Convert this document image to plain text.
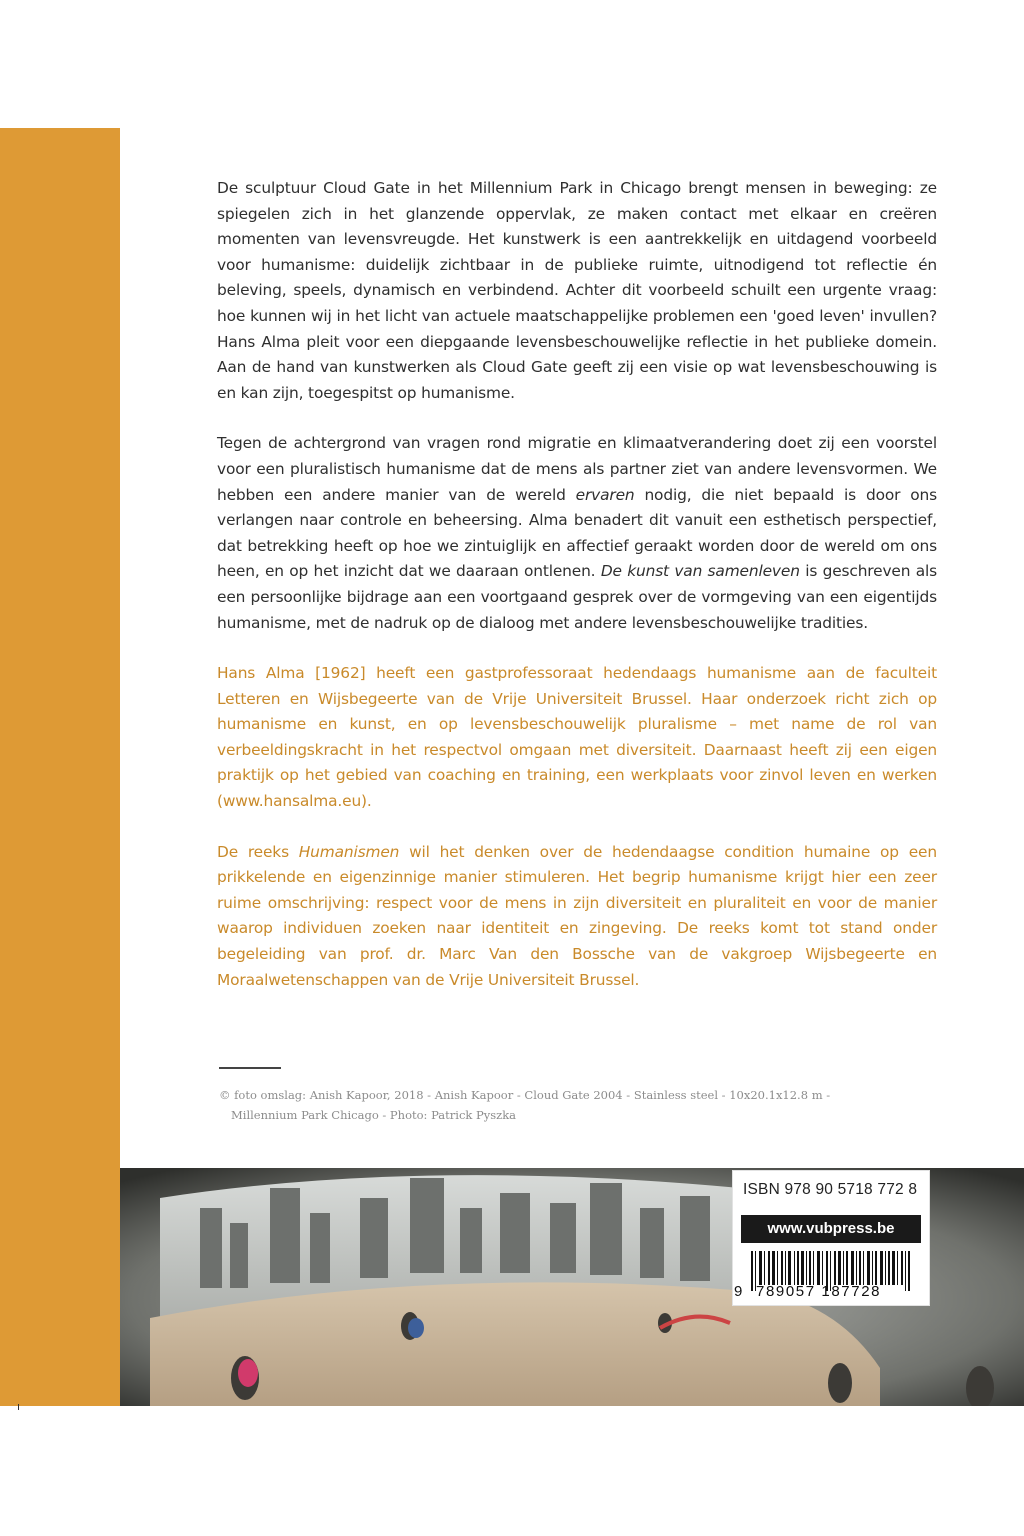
De sculptuur Cloud Gate in het Millennium Park in Chicago brengt mensen in beweging: ze spiegelen zich in het glanzende oppervlak, ze maken contact met elkaar en creëren momenten van levensvreugde. Het kunstwerk is een aantrekkelijk en uitdagend voorbeeld voor humanisme: duidelijk zichtbaar in de publieke ruimte, uitnodigend tot reflectie én beleving, speels, dynamisch en verbindend. Achter dit voorbeeld schuilt een urgente vraag: hoe kunnen wij in het licht van actuele maatschappelijke problemen een 'goed leven' invullen? Hans Alma pleit voor een diepgaande levensbeschouwelijke reflectie in het publieke domein. Aan de hand van kunstwerken als Cloud Gate geeft zij een visie op wat levensbeschouwing is en kan zijn, toegespitst op humanisme.

Tegen de achtergrond van vragen rond migratie en klimaatverandering doet zij een voorstel voor een pluralistisch humanisme dat de mens als partner ziet van andere levensvormen. We hebben een andere manier van de wereld ervaren nodig, die niet bepaald is door ons verlangen naar controle en beheersing. Alma benadert dit vanuit een esthetisch perspectief, dat betrekking heeft op hoe we zintuiglijk en affectief geraakt worden door de wereld om ons heen, en op het inzicht dat we daaraan ontlenen. De kunst van samenleven is geschreven als een persoonlijke bijdrage aan een voortgaand gesprek over de vormgeving van een eigentijds humanisme, met de nadruk op de dialoog met andere levensbeschouwelijke tradities.

Hans Alma [1962] heeft een gastprofessoraat hedendaags humanisme aan de faculteit Letteren en Wijsbegeerte van de Vrije Universiteit Brussel. Haar onderzoek richt zich op humanisme en kunst, en op levensbeschouwelijk pluralisme – met name de rol van verbeeldingskracht in het respectvol omgaan met diversiteit. Daarnaast heeft zij een eigen praktijk op het gebied van coaching en training, een werkplaats voor zinvol leven en werken (www.hansalma.eu).

De reeks Humanismen wil het denken over de hedendaagse condition humaine op een prikkelende en eigenzinnige manier stimuleren. Het begrip humanisme krijgt hier een zeer ruime omschrijving: respect voor de mens in zijn diversiteit en pluraliteit en voor de manier waarop individuen zoeken naar identiteit en zingeving. De reeks komt tot stand onder begeleiding van prof. dr. Marc Van den Bossche van de vakgroep Wijsbegeerte en Moraalwetenschappen van de Vrije Universiteit Brussel.

© foto omslag: Anish Kapoor, 2018 - Anish Kapoor - Cloud Gate 2004 - Stainless steel - 10x20.1x12.8 m -
Millennium Park Chicago - Photo: Patrick Pyszka
ISBN 978 90 5718 772 8
www.vubpress.be
9 789057 187728
